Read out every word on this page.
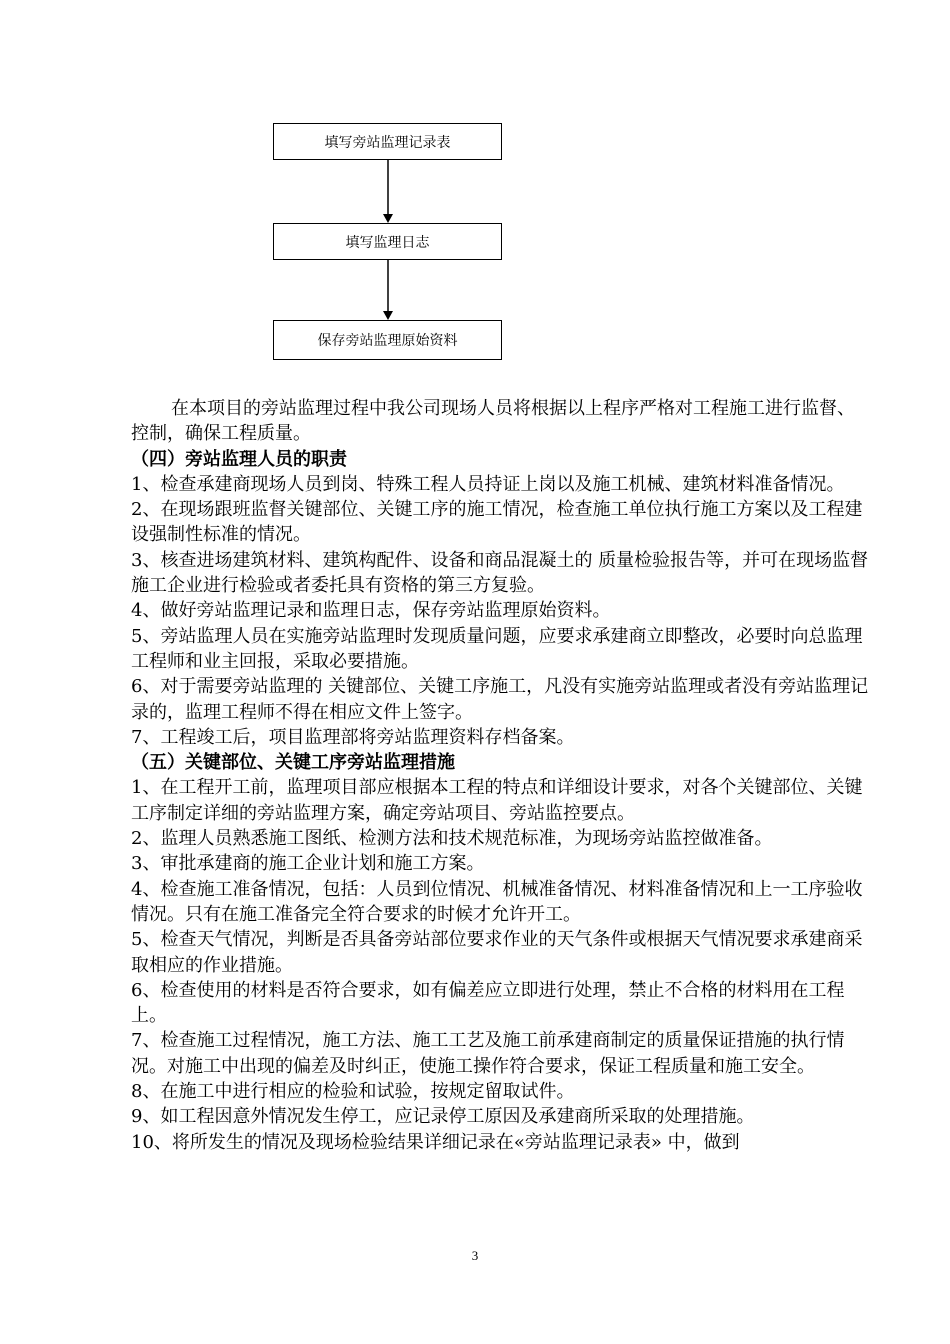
填写旁站监理记录表
填写监理日志
保存旁站监理原始资料

在本项目的旁站监理过程中我公司现场人员将根据以上程序严格对工程施工进行监督、控制，确保工程质量。

（四）旁站监理人员的职责

1、检查承建商现场人员到岗、特殊工程人员持证上岗以及施工机械、建筑材料准备情况。

2、在现场跟班监督关键部位、关键工序的施工情况，检查施工单位执行施工方案以及工程建设强制性标准的情况。

3、核查进场建筑材料、建筑构配件、设备和商品混凝土的 质量检验报告等，并可在现场监督施工企业进行检验或者委托具有资格的第三方复验。

4、做好旁站监理记录和监理日志，保存旁站监理原始资料。

5、旁站监理人员在实施旁站监理时发现质量问题，应要求承建商立即整改，必要时向总监理工程师和业主回报，采取必要措施。

6、对于需要旁站监理的 关键部位、关键工序施工，凡没有实施旁站监理或者没有旁站监理记录的，监理工程师不得在相应文件上签字。

7、工程竣工后，项目监理部将旁站监理资料存档备案。

（五）关键部位、关键工序旁站监理措施

1、在工程开工前，监理项目部应根据本工程的特点和详细设计要求，对各个关键部位、关键工序制定详细的旁站监理方案，确定旁站项目、旁站监控要点。

2、监理人员熟悉施工图纸、检测方法和技术规范标准，为现场旁站监控做准备。

3、审批承建商的施工企业计划和施工方案。

4、检查施工准备情况，包括：人员到位情况、机械准备情况、材料准备情况和上一工序验收情况。只有在施工准备完全符合要求的时候才允许开工。

5、检查天气情况，判断是否具备旁站部位要求作业的天气条件或根据天气情况要求承建商采取相应的作业措施。

6、检查使用的材料是否符合要求，如有偏差应立即进行处理，禁止不合格的材料用在工程上。

7、检查施工过程情况，施工方法、施工工艺及施工前承建商制定的质量保证措施的执行情况。对施工中出现的偏差及时纠正，使施工操作符合要求，保证工程质量和施工安全。

8、在施工中进行相应的检验和试验，按规定留取试件。

9、如工程因意外情况发生停工，应记录停工原因及承建商所采取的处理措施。

10、将所发生的情况及现场检验结果详细记录在«旁站监理记录表» 中，做到

3
